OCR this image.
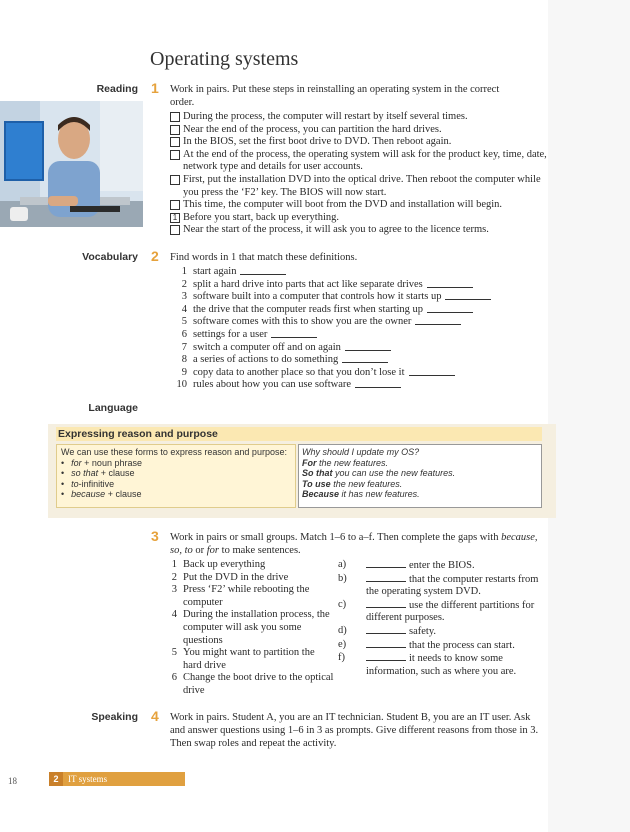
Operating systems
Reading 1 Work in pairs. Put these steps in reinstalling an operating system in the correct order.
During the process, the computer will restart by itself several times.
Near the end of the process, you can partition the hard drives.
In the BIOS, set the first boot drive to DVD. Then reboot again.
At the end of the process, the operating system will ask for the product key, time, date, network type and details for user accounts.
First, put the installation DVD into the optical drive. Then reboot the computer while you press the ‘F2’ key. The BIOS will now start.
This time, the computer will boot from the DVD and installation will begin.
1 Before you start, back up everything.
Near the start of the process, it will ask you to agree to the licence terms.
Vocabulary 2 Find words in 1 that match these definitions.
1 start again
2 split a hard drive into parts that act like separate drives
3 software built into a computer that controls how it starts up
4 the drive that the computer reads first when starting up
5 software comes with this to show you are the owner
6 settings for a user
7 switch a computer off and on again
8 a series of actions to do something
9 copy data to another place so that you don’t lose it
10 rules about how you can use software
Language
Expressing reason and purpose
We can use these forms to express reason and purpose:
• for + noun phrase
• so that + clause
• to-infinitive
• because + clause
Why should I update my OS?
For the new features.
So that you can use the new features.
To use the new features.
Because it has new features.
3 Work in pairs or small groups. Match 1–6 to a–f. Then complete the gaps with because, so, to or for to make sentences.
1 Back up everything
2 Put the DVD in the drive
3 Press ‘F2’ while rebooting the computer
4 During the installation process, the computer will ask you some questions
5 You might want to partition the hard drive
6 Change the boot drive to the optical drive
a)	enter the BIOS.
b)	that the computer restarts from the operating system DVD.
c)	use the different partitions for different purposes.
d)	safety.
e)	that the process can start.
f)	it needs to know some information, such as where you are.
Speaking 4 Work in pairs. Student A, you are an IT technician. Student B, you are an IT user. Ask and answer questions using 1–6 in 3 as prompts. Give different reasons from those in 3. Then swap roles and repeat the activity.
18	2	IT systems
